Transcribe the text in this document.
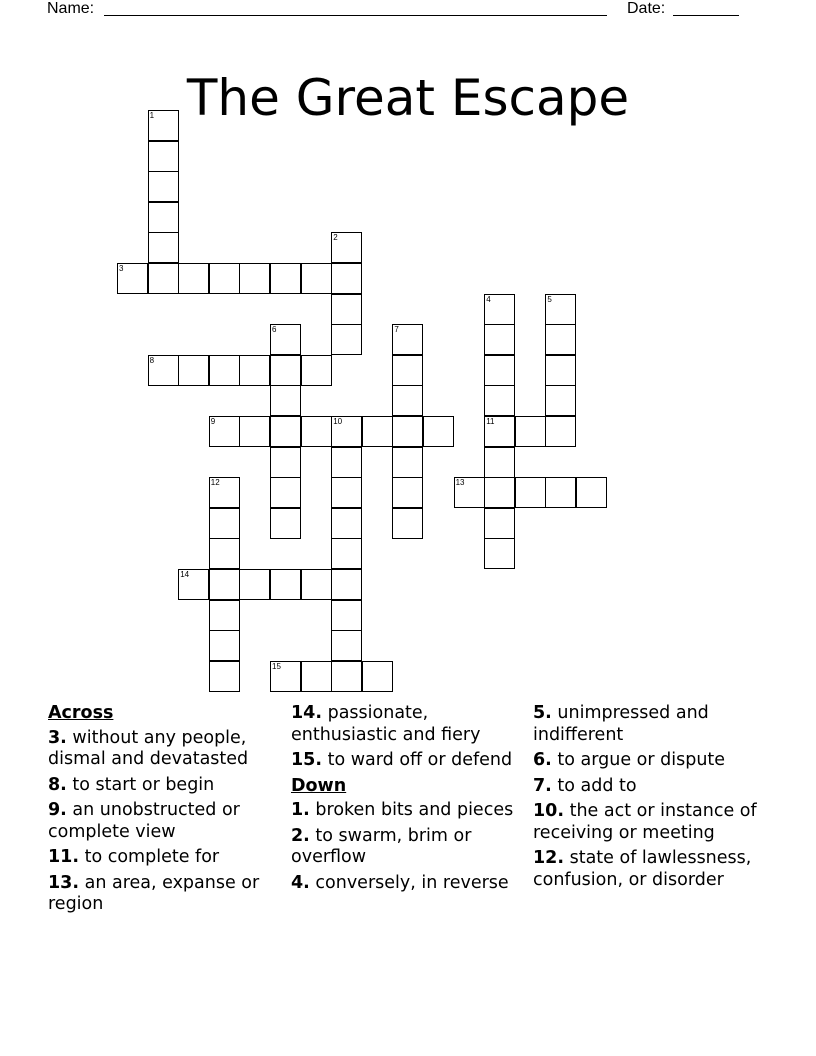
Name:	Date:
The Great Escape
1
2
3
4	5
6	7
8
9	10	11
12	13
14
15
Across
3. without any people, dismal and devatasted
8. to start or begin
9. an unobstructed or complete view
11. to complete for
13. an area, expanse or region
14. passionate, enthusiastic and fiery
15. to ward off or defend
Down
1. broken bits and pieces
2. to swarm, brim or overflow
4. conversely, in reverse
5. unimpressed and indifferent
6. to argue or dispute
7. to add to
10. the act or instance of receiving or meeting
12. state of lawlessness, confusion, or disorder
